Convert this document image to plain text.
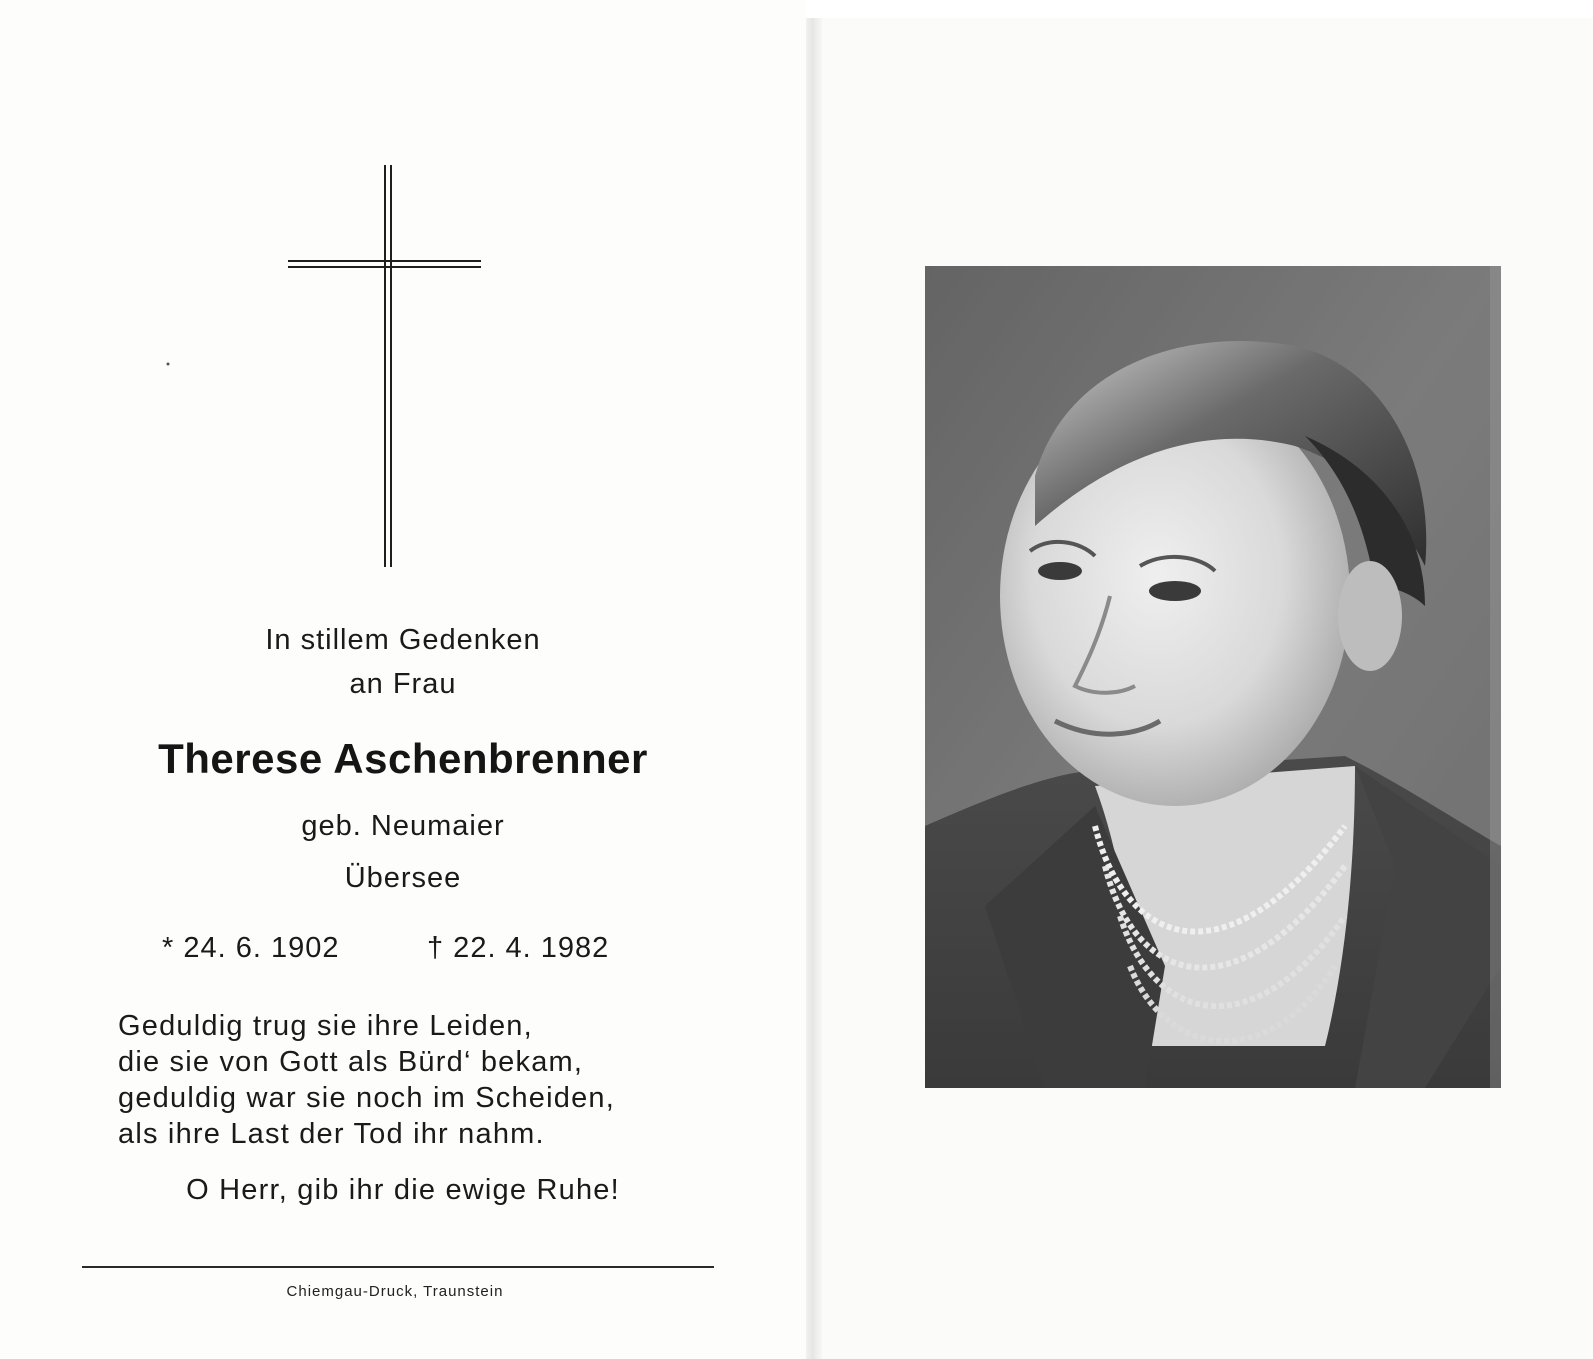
In stillem Gedenken
an Frau
Therese Aschenbrenner
geb. Neumaier
Übersee
* 24. 6. 1902	† 22. 4. 1982
Geduldig trug sie ihre Leiden,
die sie von Gott als Bürd‘ bekam,
geduldig war sie noch im Scheiden,
als ihre Last der Tod ihr nahm.
O Herr, gib ihr die ewige Ruhe!
Chiemgau-Druck, Traunstein
